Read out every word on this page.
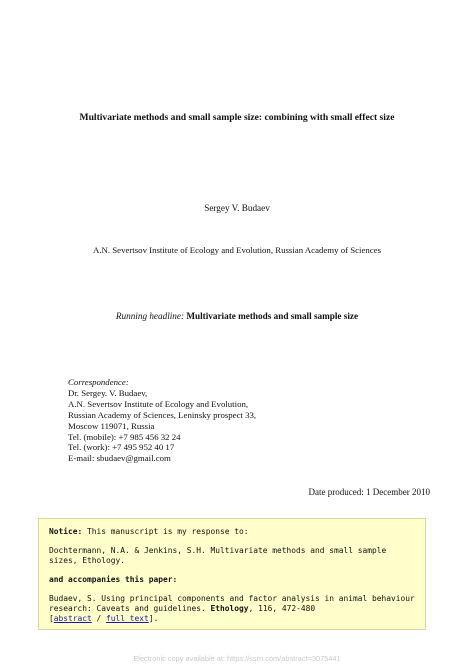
Multivariate methods and small sample size: combining with small effect size
Sergey V. Budaev
A.N. Severtsov Institute of Ecology and Evolution, Russian Academy of Sciences
Running headline: Multivariate methods and small sample size
Correspondence:
Dr. Sergey. V. Budaev,
A.N. Severtsov Institute of Ecology and Evolution,
Russian Academy of Sciences, Leninsky prospect 33,
Moscow 119071, Russia
Tel. (mobile): +7 985 456 32 24
Tel. (work): +7 495 952 40 17
E-mail: sbudaev@gmail.com
Date produced: 1 December 2010

Notice: This manuscript is my response to:

Dochtermann, N.A. & Jenkins, S.H. Multivariate methods and small sample sizes, Ethology.

and accompanies this paper:

Budaev, S. Using principal components and factor analysis in animal behaviour research: Caveats and guidelines. Ethology, 116, 472-480
[abstract / full text].

Electronic copy available at: https://ssrn.com/abstract=3075441
